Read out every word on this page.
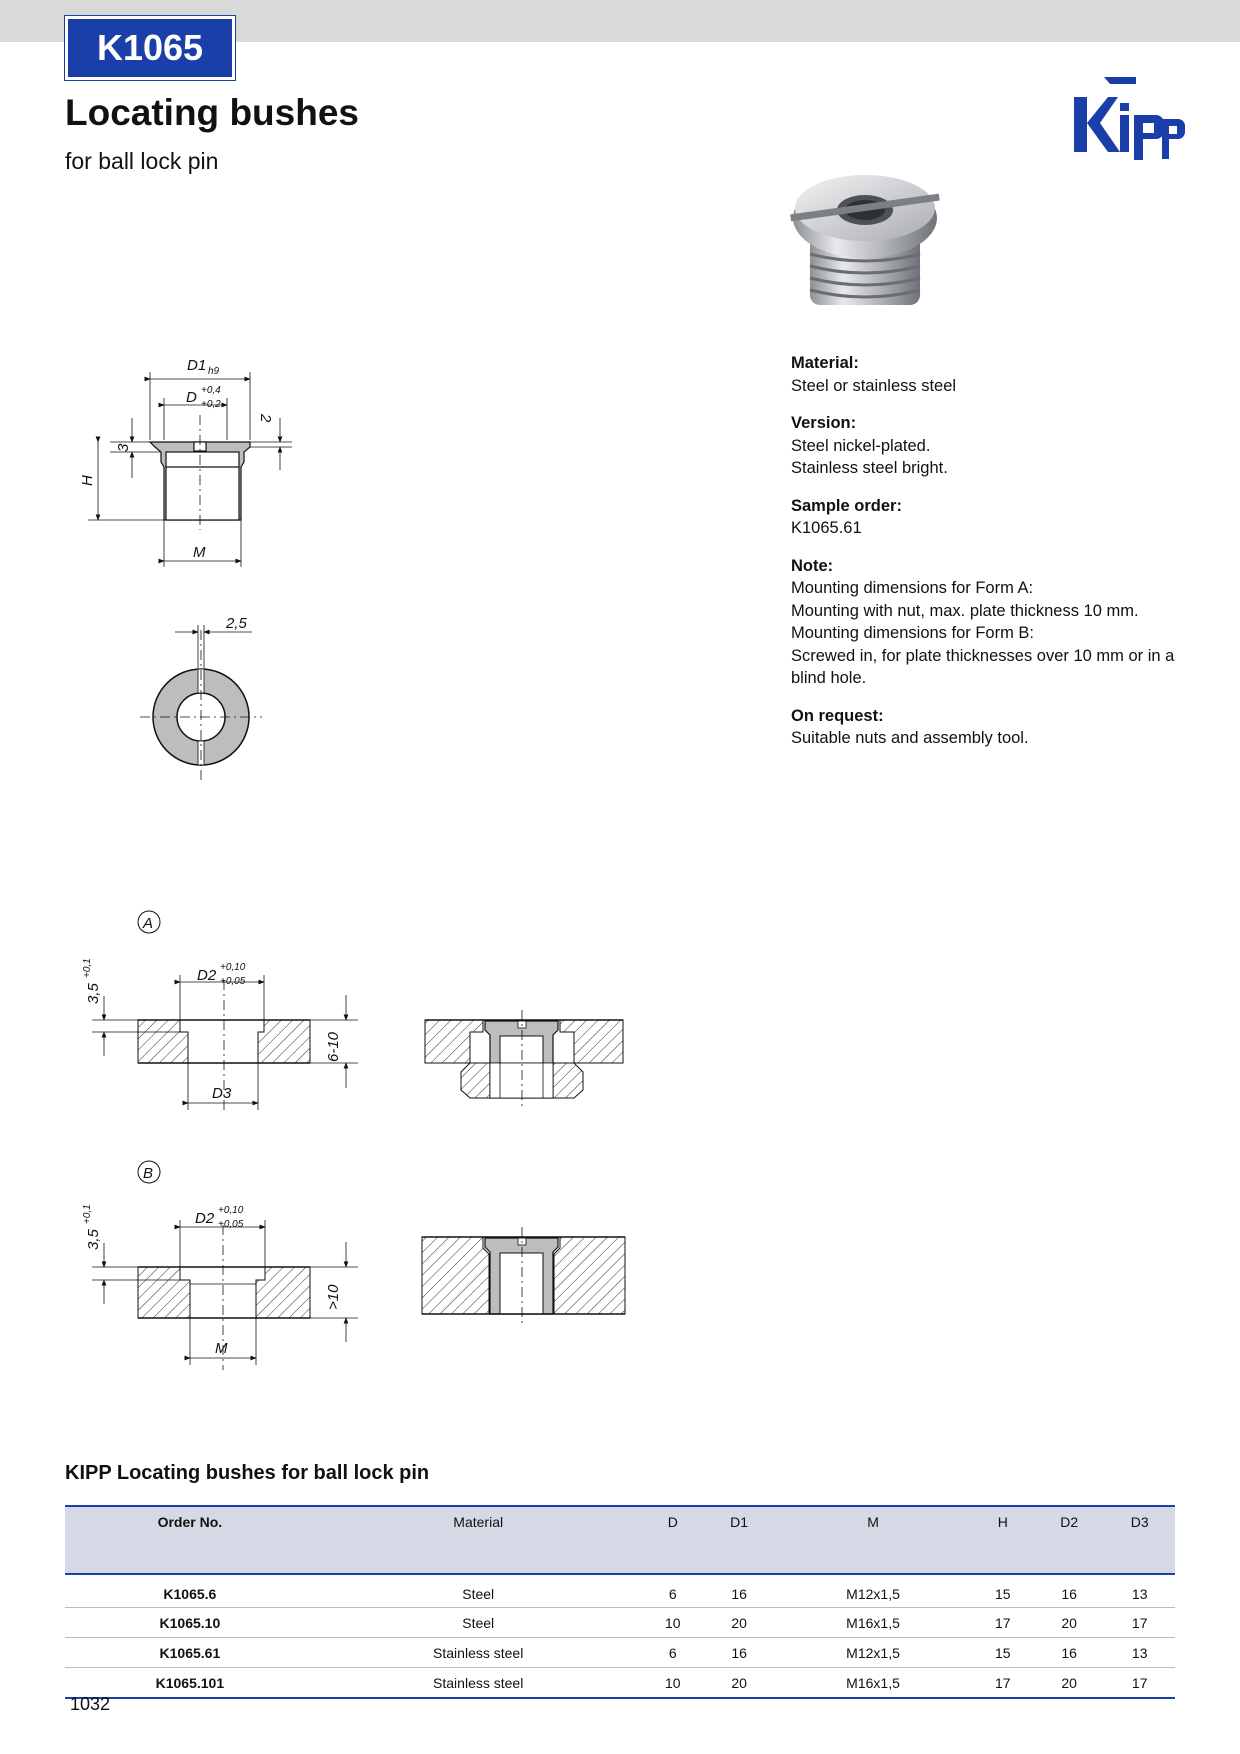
K1065
Locating bushes
for ball lock pin
Material:
Steel or stainless steel
Version:
Steel nickel-plated.
Stainless steel bright.
Sample order:
K1065.61
Note:
Mounting dimensions for Form A:
Mounting with nut, max. plate thickness 10 mm.
Mounting dimensions for Form B:
Screwed in, for plate thicknesses over 10 mm or in a blind hole.
On request:
Suitable nuts and assembly tool.
D1 h9
D +0,4
+0,2
2
3
H
M
2,5
A
3,5
+0,1	D2 +0,10
+0,05
D3
6-10
B
3,5
+0,1	D2 +0,10
+0,05
M
>10
KIPP Locating bushes for ball lock pin
Order No.	Material	D	D1	M	H	D2	D3
K1065.6	Steel	6	16	M12x1,5	15	16	13
K1065.10	Steel	10	20	M16x1,5	17	20	17
K1065.61	Stainless steel	6	16	M12x1,5	15	16	13
K1065.101	Stainless steel	10	20	M16x1,5	17	20	17
1032
